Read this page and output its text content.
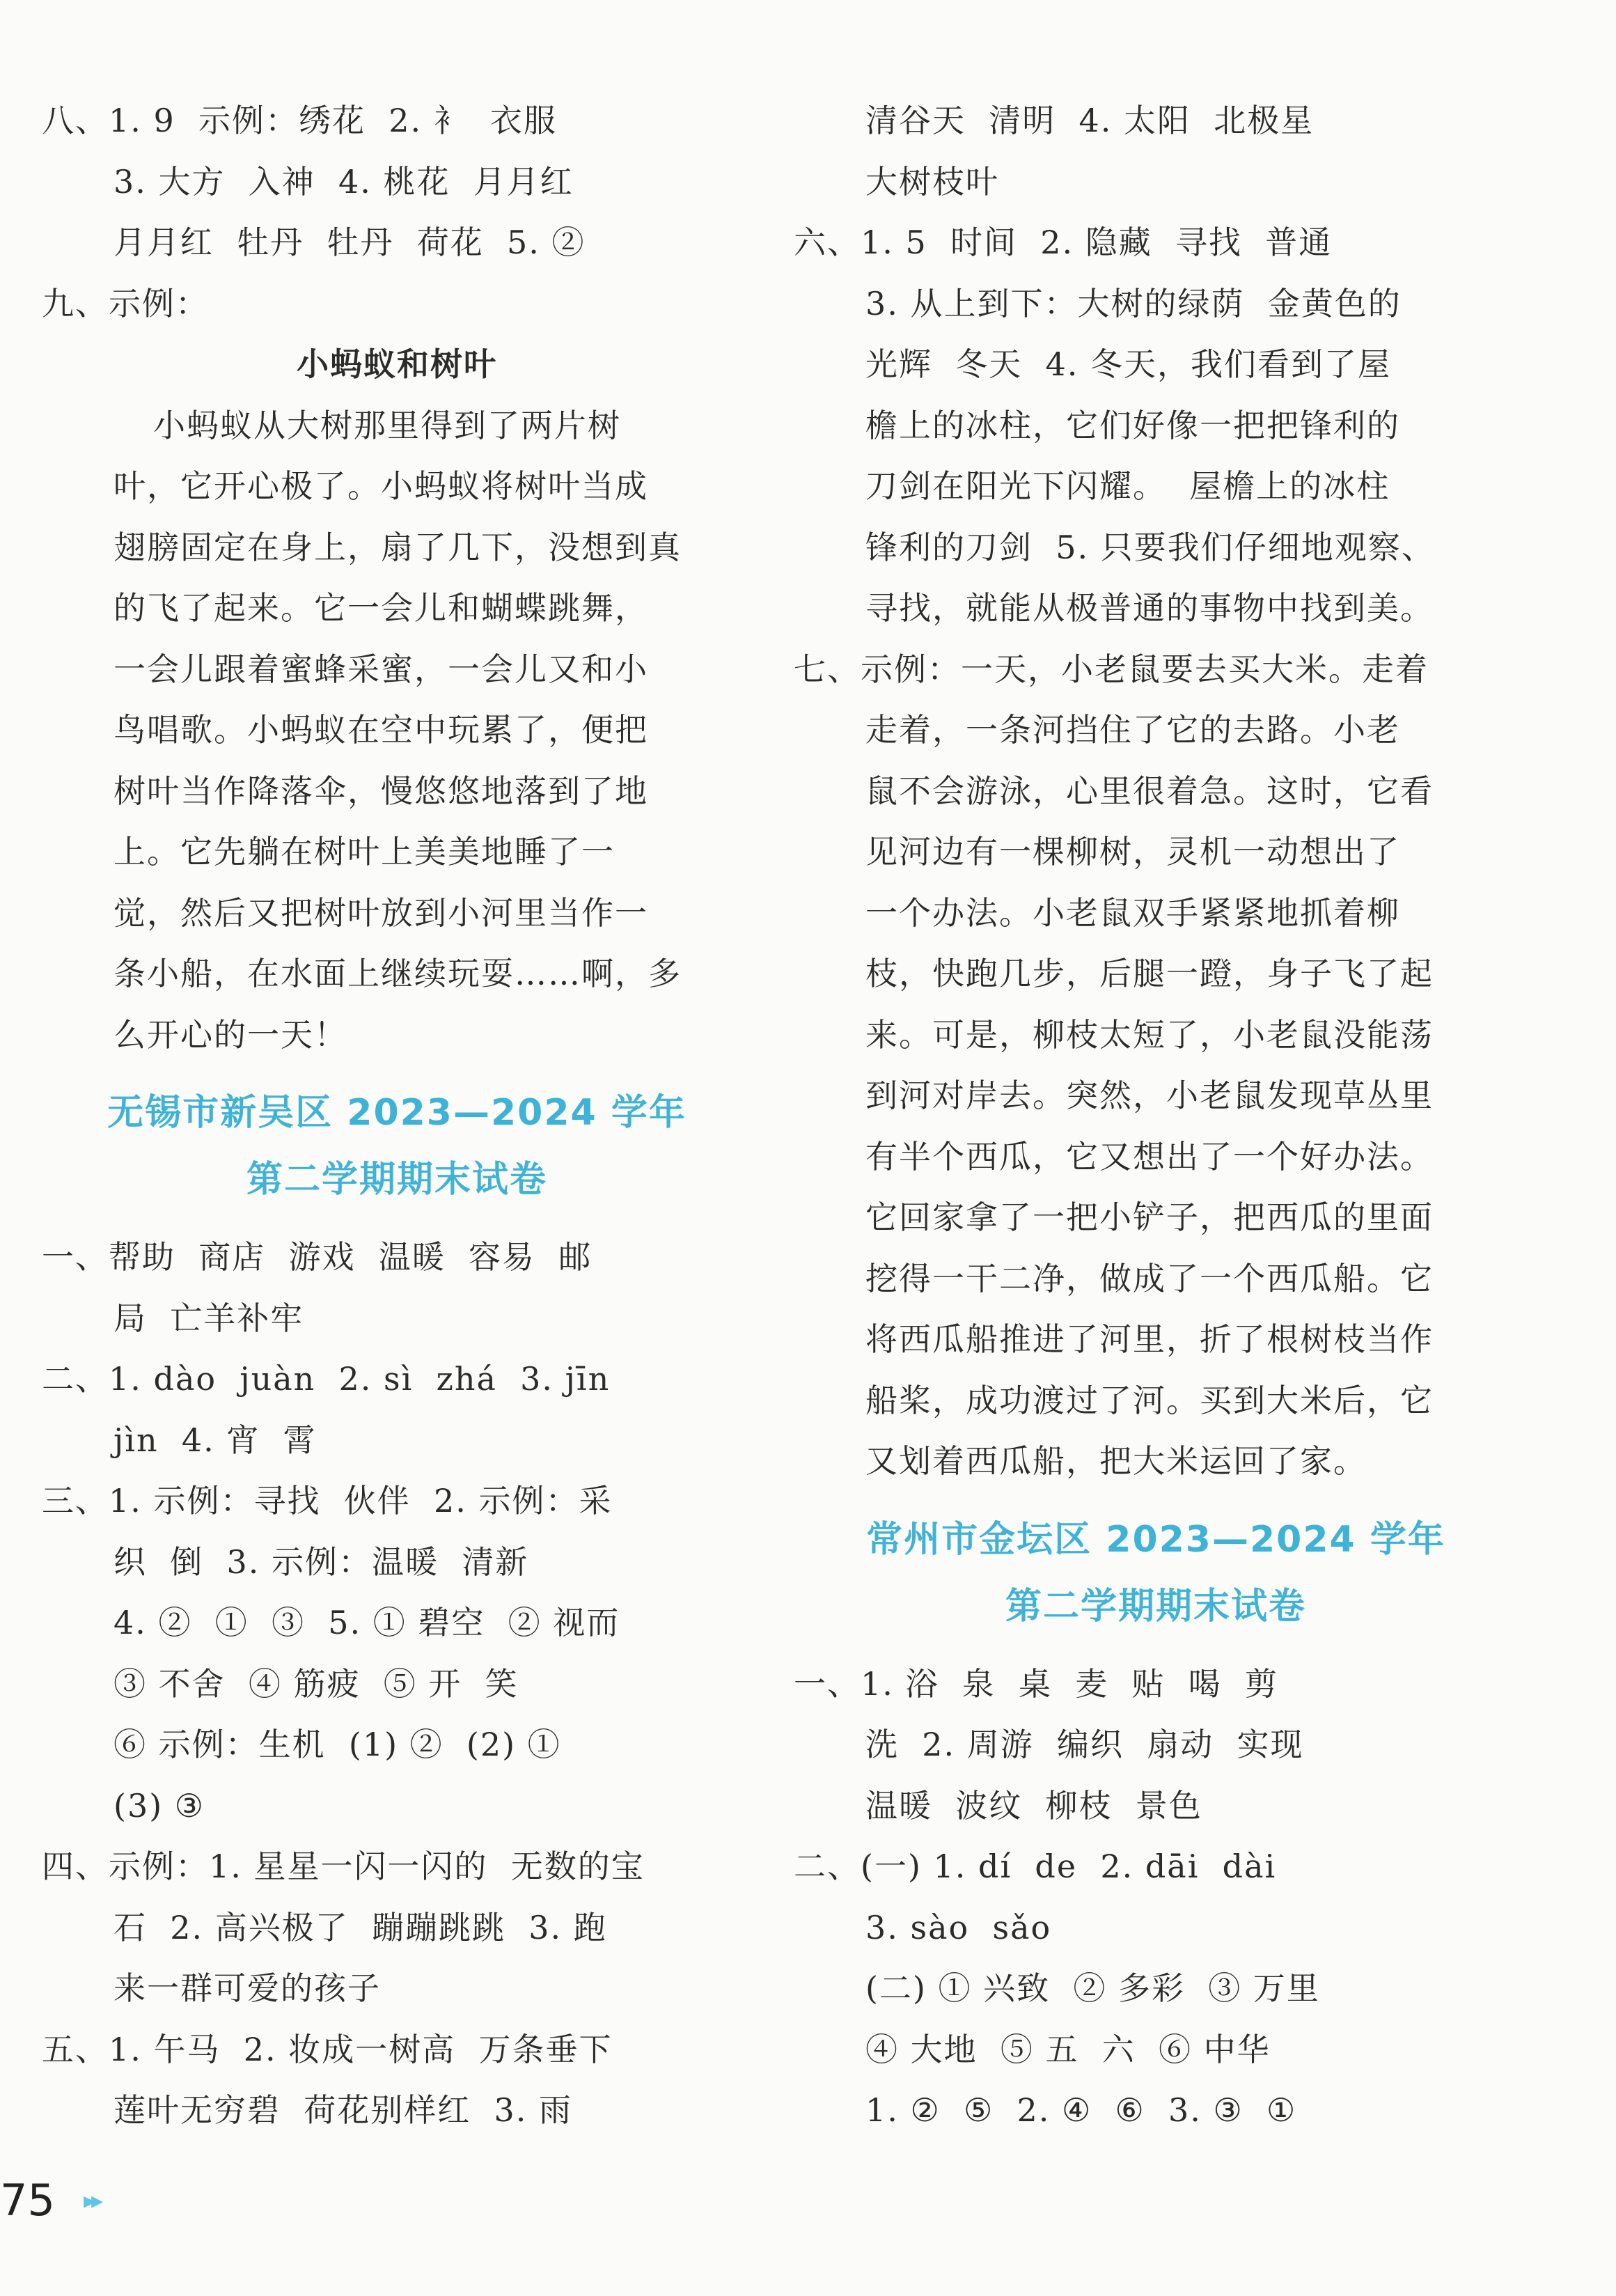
八、1. 9  示例：绣花  2. 衤  衣服
3. 大方  入神  4. 桃花  月月红
月月红  牡丹  牡丹  荷花  5. ②
九、示例：
小蚂蚁和树叶
小蚂蚁从大树那里得到了两片树
叶，它开心极了。小蚂蚁将树叶当成
翅膀固定在身上，扇了几下，没想到真
的飞了起来。它一会儿和蝴蝶跳舞，
一会儿跟着蜜蜂采蜜，一会儿又和小
鸟唱歌。小蚂蚁在空中玩累了，便把
树叶当作降落伞，慢悠悠地落到了地
上。它先躺在树叶上美美地睡了一
觉，然后又把树叶放到小河里当作一
条小船，在水面上继续玩耍……啊，多
么开心的一天！
无锡市新吴区 2023—2024 学年
第二学期期末试卷
一、帮助  商店  游戏  温暖  容易  邮
局  亡羊补牢
二、1. dào  juàn  2. sì  zhá  3. jīn
jìn  4. 宵  霄
三、1. 示例：寻找  伙伴  2. 示例：采
织  倒  3. 示例：温暖  清新
4. ②  ①  ③  5. ① 碧空  ② 视而
③ 不舍  ④ 筋疲  ⑤ 开  笑
⑥ 示例：生机  (1) ②  (2) ①
(3) ③
四、示例：1. 星星一闪一闪的  无数的宝
石  2. 高兴极了  蹦蹦跳跳  3. 跑
来一群可爱的孩子
五、1. 午马  2. 妆成一树高  万条垂下
莲叶无穷碧  荷花别样红  3. 雨
清谷天  清明  4. 太阳  北极星
大树枝叶
六、1. 5  时间  2. 隐藏  寻找  普通
3. 从上到下：大树的绿荫  金黄色的
光辉  冬天  4. 冬天，我们看到了屋
檐上的冰柱，它们好像一把把锋利的
刀剑在阳光下闪耀。  屋檐上的冰柱
锋利的刀剑  5. 只要我们仔细地观察、
寻找，就能从极普通的事物中找到美。
七、示例：一天，小老鼠要去买大米。走着
走着，一条河挡住了它的去路。小老
鼠不会游泳，心里很着急。这时，它看
见河边有一棵柳树，灵机一动想出了
一个办法。小老鼠双手紧紧地抓着柳
枝，快跑几步，后腿一蹬，身子飞了起
来。可是，柳枝太短了，小老鼠没能荡
到河对岸去。突然，小老鼠发现草丛里
有半个西瓜，它又想出了一个好办法。
它回家拿了一把小铲子，把西瓜的里面
挖得一干二净，做成了一个西瓜船。它
将西瓜船推进了河里，折了根树枝当作
船桨，成功渡过了河。买到大米后，它
又划着西瓜船，把大米运回了家。
常州市金坛区 2023—2024 学年
第二学期期末试卷
一、1. 浴  泉  桌  麦  贴  喝  剪
洗  2. 周游  编织  扇动  实现
温暖  波纹  柳枝  景色
二、(一) 1. dí  de  2. dāi  dài
3. sào  sǎo
(二) ① 兴致  ② 多彩  ③ 万里
④ 大地  ⑤ 五  六  ⑥ 中华
1. ②  ⑤  2. ④  ⑥  3. ③  ①
75 ▸▸
